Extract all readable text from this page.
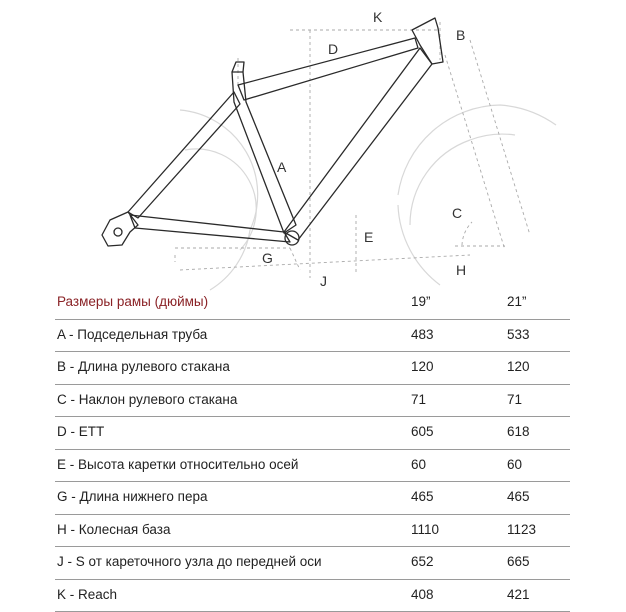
K
B
D
A
C
E
G
H
J
Размеры рамы (дюймы)	19”	21”
A - Подседельная труба	483	533
B - Длина рулевого стакана	120	120
C - Наклон рулевого стакана	71	71
D - ETT	605	618
E - Высота каретки относительно осей	60	60
G - Длина нижнего пера	465	465
H - Колесная база	1110	1123
J - S от кареточного узла до передней оси	652	665
K - Reach	408	421
